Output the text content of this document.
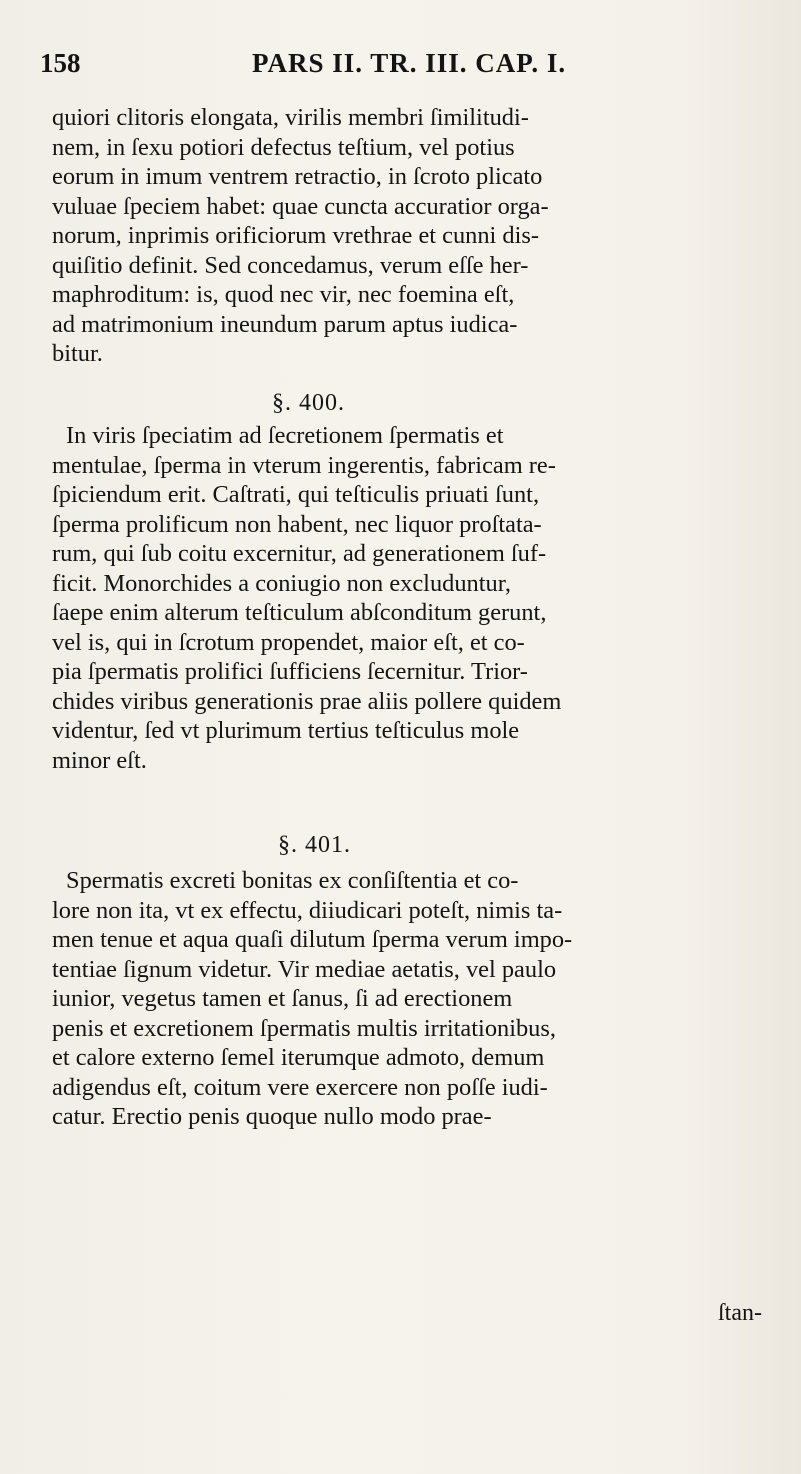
158	PARS II. TR. III. CAP. I.
quiori clitoris elongata, virilis membri ſimilitudi-
nem, in ſexu potiori defectus teſtium, vel potius
eorum in imum ventrem retractio, in ſcroto plicato
vuluae ſpeciem habet: quae cuncta accuratior orga-
norum, inprimis orificiorum vrethrae et cunni dis-
quiſitio definit. Sed concedamus, verum eſſe her-
maphroditum: is, quod nec vir, nec foemina eſt,
ad matrimonium ineundum parum aptus iudica-
bitur.
§. 400.
In viris ſpeciatim ad ſecretionem ſpermatis et
mentulae, ſperma in vterum ingerentis, fabricam re-
ſpiciendum erit. Caſtrati, qui teſticulis priuati ſunt,
ſperma prolificum non habent, nec liquor proſtata-
rum, qui ſub coitu excernitur, ad generationem ſuf-
ficit. Monorchides a coniugio non excluduntur,
ſaepe enim alterum teſticulum abſconditum gerunt,
vel is, qui in ſcrotum propendet, maior eſt, et co-
pia ſpermatis prolifici ſufficiens ſecernitur. Trior-
chides viribus generationis prae aliis pollere quidem
videntur, ſed vt plurimum tertius teſticulus mole
minor eſt.
§. 401.
Spermatis excreti bonitas ex conſiſtentia et co-
lore non ita, vt ex effectu, diiudicari poteſt, nimis ta-
men tenue et aqua quaſi dilutum ſperma verum impo-
tentiae ſignum videtur. Vir mediae aetatis, vel paulo
iunior, vegetus tamen et ſanus, ſi ad erectionem
penis et excretionem ſpermatis multis irritationibus,
et calore externo ſemel iterumque admoto, demum
adigendus eſt, coitum vere exercere non poſſe iudi-
catur. Erectio penis quoque nullo modo prae-
ſtan-
